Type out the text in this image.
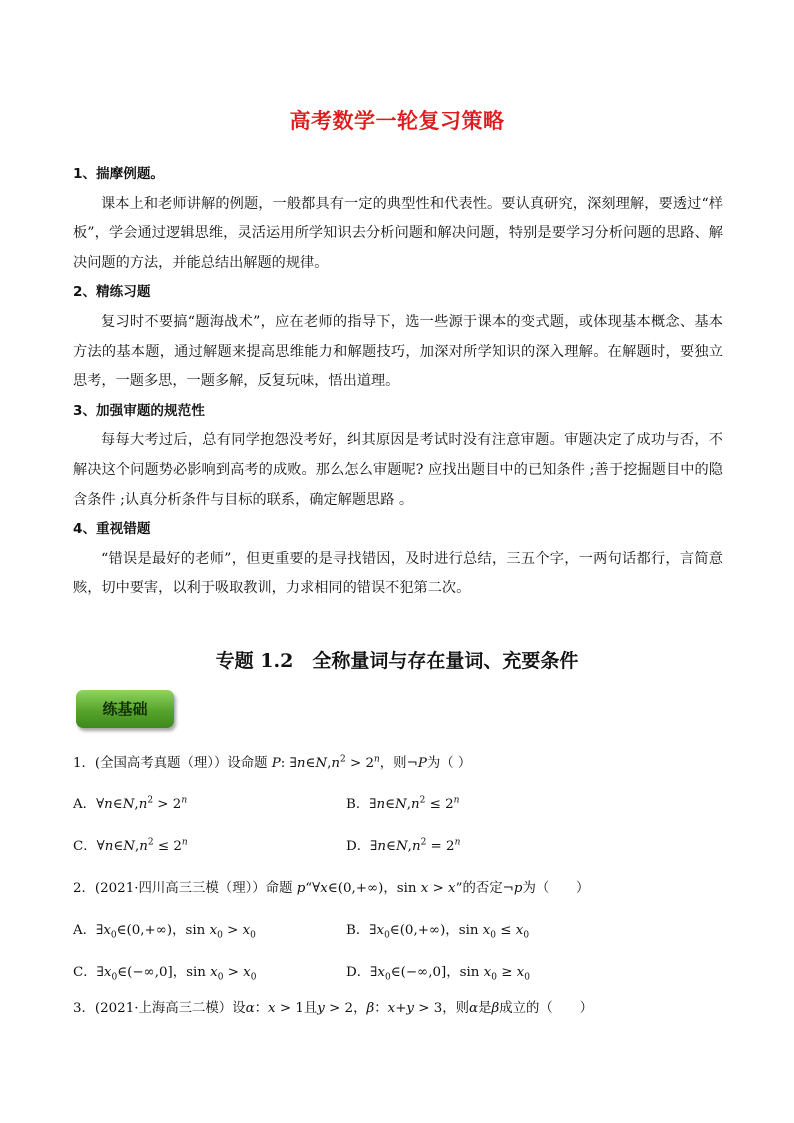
高考数学一轮复习策略
1、揣摩例题。
课本上和老师讲解的例题，一般都具有一定的典型性和代表性。要认真研究，深刻理解，要透过“样板”，学会通过逻辑思维，灵活运用所学知识去分析问题和解决问题，特别是要学习分析问题的思路、解决问题的方法，并能总结出解题的规律。
2、精练习题
复习时不要搞“题海战术”，应在老师的指导下，选一些源于课本的变式题，或体现基本概念、基本方法的基本题，通过解题来提高思维能力和解题技巧，加深对所学知识的深入理解。在解题时，要独立思考，一题多思，一题多解，反复玩味，悟出道理。
3、加强审题的规范性
每每大考过后，总有同学抱怨没考好，纠其原因是考试时没有注意审题。审题决定了成功与否，不解决这个问题势必影响到高考的成败。那么怎么审题呢? 应找出题目中的已知条件 ;善于挖掘题目中的隐含条件 ;认真分析条件与目标的联系，确定解题思路 。
4、重视错题
“错误是最好的老师”，但更重要的是寻找错因，及时进行总结，三五个字，一两句话都行，言简意赅，切中要害，以利于吸取教训，力求相同的错误不犯第二次。
专题 1.2　全称量词与存在量词、充要条件
练基础
1．(全国高考真题（理））设命题 P: $\exists n\in N,n^2 > 2^n$，则¬P为（ ）
A．$\forall n\in N,n^2 > 2^n$	B．$\exists n\in N,n^2 \le 2^n$
C．$\forall n\in N,n^2 \le 2^n$	D．$\exists n\in N,n^2 = 2^n$
2．(2021·四川高三三模（理））命题 p“∀x∈(0,+∞)，sin x > x”的否定¬p为（　　）
A．$\exists x_0\in(0,+\infty)$，$\sin x_0 > x_0$	B．$\exists x_0\in(0,+\infty)$，$\sin x_0 \le x_0$
C．$\exists x_0\in(-\infty,0]$，$\sin x_0 > x_0$	D．$\exists x_0\in(-\infty,0]$，$\sin x_0 \ge x_0$
3．(2021·上海高三二模）设α：x > 1且y > 2，β：x+y > 3，则α是β成立的（　　）
